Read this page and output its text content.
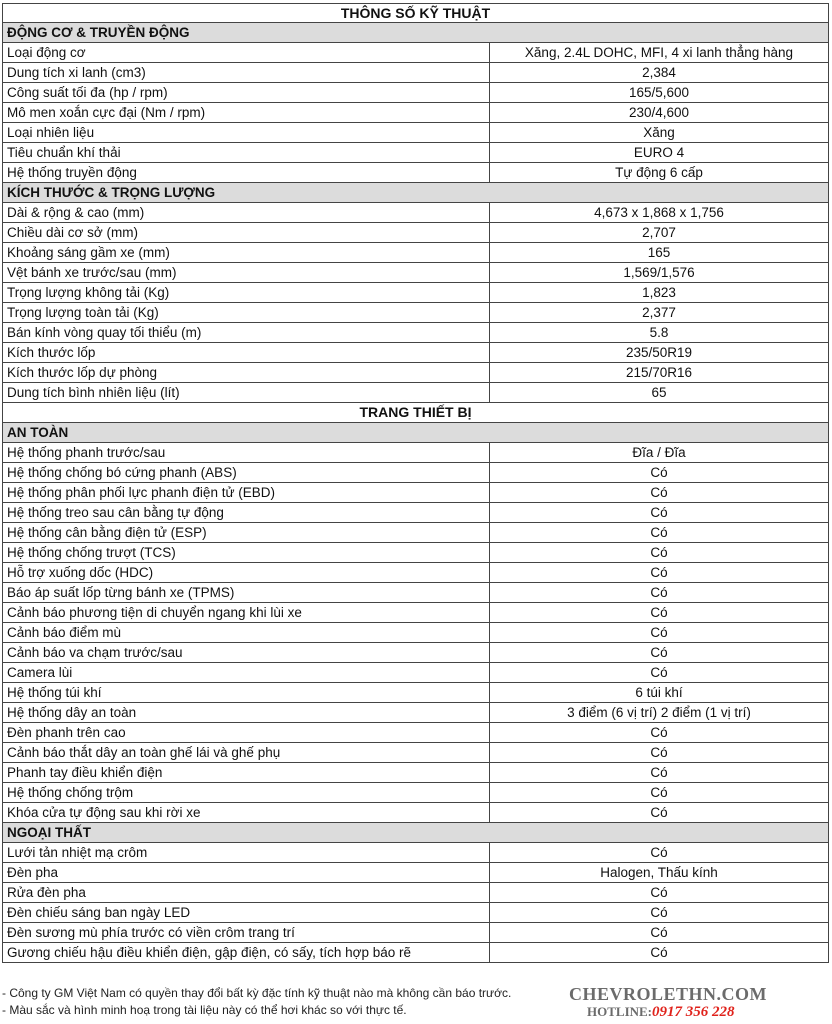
THÔNG SỐ KỸ THUẬT
ĐỘNG CƠ & TRUYỀN ĐỘNG
Loại động cơ	Xăng, 2.4L DOHC, MFI, 4 xi lanh thẳng hàng
Dung tích xi lanh (cm3)	2,384
Công suất tối đa (hp / rpm)	165/5,600
Mô men xoắn cực đại (Nm / rpm)	230/4,600
Loại nhiên liệu	Xăng
Tiêu chuẩn khí thải	EURO 4
Hệ thống truyền động	Tự động 6 cấp
KÍCH THƯỚC & TRỌNG LƯỢNG
Dài & rộng & cao (mm)	4,673 x 1,868 x 1,756
Chiều dài cơ sở (mm)	2,707
Khoảng sáng gầm xe (mm)	165
Vệt bánh xe trước/sau (mm)	1,569/1,576
Trọng lượng không tải (Kg)	1,823
Trọng lượng toàn tải (Kg)	2,377
Bán kính vòng quay tối thiểu (m)	5.8
Kích thước lốp	235/50R19
Kích thước lốp dự phòng	215/70R16
Dung tích bình nhiên liệu (lít)	65
TRANG THIẾT BỊ
AN TOÀN
Hệ thống phanh trước/sau	Đĩa / Đĩa
Hệ thống chống bó cứng phanh (ABS)	Có
Hệ thống phân phối lực phanh điện tử (EBD)	Có
Hệ thống treo sau cân bằng tự động	Có
Hệ thống cân bằng điện tử (ESP)	Có
Hệ thống chống trượt (TCS)	Có
Hỗ trợ xuống dốc (HDC)	Có
Báo áp suất lốp từng bánh xe (TPMS)	Có
Cảnh báo phương tiện di chuyển ngang khi lùi xe	Có
Cảnh báo điểm mù	Có
Cảnh báo va chạm trước/sau	Có
Camera lùi	Có
Hệ thống túi khí	6 túi khí
Hệ thống dây an toàn	3 điểm (6 vị trí) 2 điểm (1 vị trí)
Đèn phanh trên cao	Có
Cảnh báo thắt dây an toàn ghế lái và ghế phụ	Có
Phanh tay điều khiển điện	Có
Hệ thống chống trộm	Có
Khóa cửa tự động sau khi rời xe	Có
NGOẠI THẤT
Lưới tản nhiệt mạ crôm	Có
Đèn pha	Halogen, Thấu kính
Rửa đèn pha	Có
Đèn chiếu sáng ban ngày LED	Có
Đèn sương mù phía trước có viền crôm trang trí	Có
Gương chiếu hậu điều khiển điện, gập điện, có sấy, tích hợp báo rẽ	Có
- Công ty GM Việt Nam có quyền thay đổi bất kỳ đặc tính kỹ thuật nào mà không cần báo trước.
- Màu sắc và hình minh hoạ trong tài liệu này có thể hơi khác so với thực tế.
CHEVROLETHN.COM
HOTLINE:0917 356 228
